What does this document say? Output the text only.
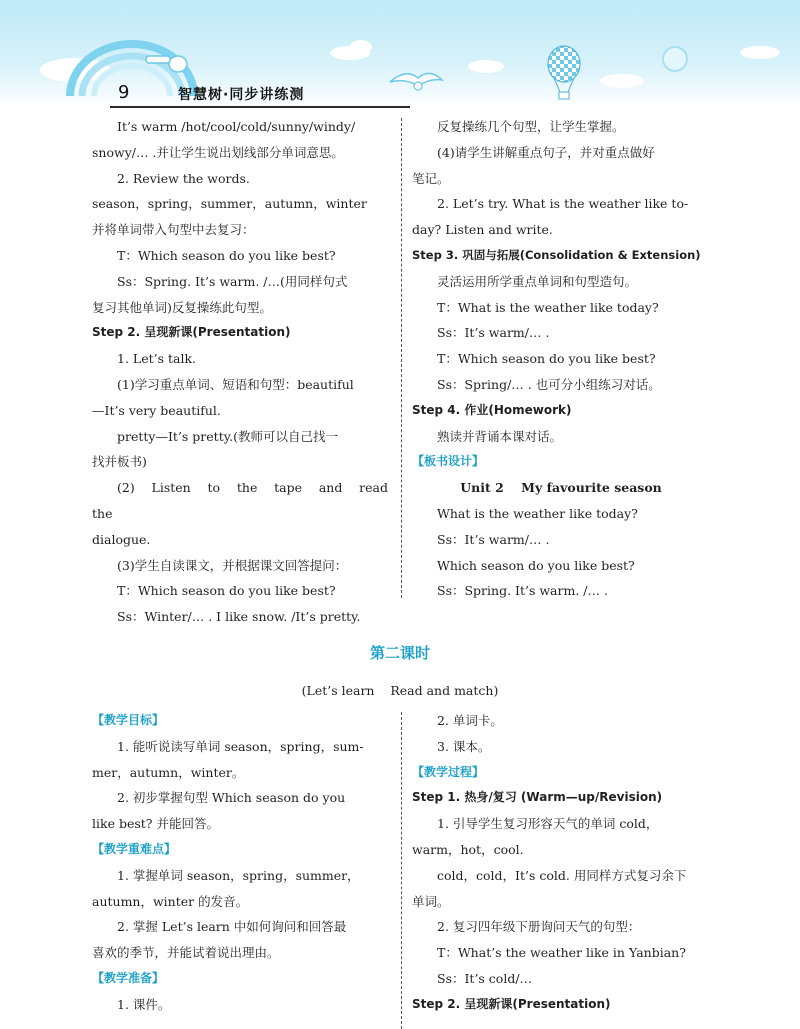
9	智慧树·同步讲练测

It’s warm /hot/cool/cold/sunny/windy/

snowy/… .并让学生说出划线部分单词意思。

2. Review the words.

season，spring，summer，autumn，winter

并将单词带入句型中去复习：

T：Which season do you like best?

Ss：Spring. It’s warm. /…(用同样句式

复习其他单词)反复操练此句型。

Step 2. 呈现新课(Presentation)

1. Let’s talk.

(1)学习重点单词、短语和句型：beautiful

—It’s very beautiful.

pretty—It’s pretty.(教师可以自己找一

找并板书)

(2) Listen to the tape and read the

dialogue.

(3)学生自读课文，并根据课文回答提问：

T：Which season do you like best?

Ss：Winter/… . I like snow. /It’s pretty.

反复操练几个句型，让学生掌握。

(4)请学生讲解重点句子，并对重点做好

笔记。

2. Let’s try. What is the weather like to-

day? Listen and write.

Step 3. 巩固与拓展(Consolidation & Extension)

灵活运用所学重点单词和句型造句。

T：What is the weather like today?

Ss：It’s warm/… .

T：Which season do you like best?

Ss：Spring/… . 也可分小组练习对话。

Step 4. 作业(Homework)

熟读并背诵本课对话。

【板书设计】

Unit 2    My favourite season

What is the weather like today?

Ss：It’s warm/… .

Which season do you like best?

Ss：Spring. It’s warm. /… .

第二课时
(Let’s learn    Read and match)

【教学目标】

1. 能听说读写单词 season，spring，sum-

mer，autumn，winter。

2. 初步掌握句型 Which season do you

like best? 并能回答。

【教学重难点】

1. 掌握单词 season，spring，summer，

autumn，winter 的发音。

2. 掌握 Let’s learn 中如何询问和回答最

喜欢的季节，并能试着说出理由。

【教学准备】

1. 课件。

2. 单词卡。

3. 课本。

【教学过程】

Step 1. 热身/复习 (Warm—up/Revision)

1. 引导学生复习形容天气的单词 cold，

warm，hot，cool.

cold，cold，It’s cold. 用同样方式复习余下

单词。

2. 复习四年级下册询问天气的句型：

T：What’s the weather like in Yanbian?

Ss：It’s cold/…

Step 2. 呈现新课(Presentation)
